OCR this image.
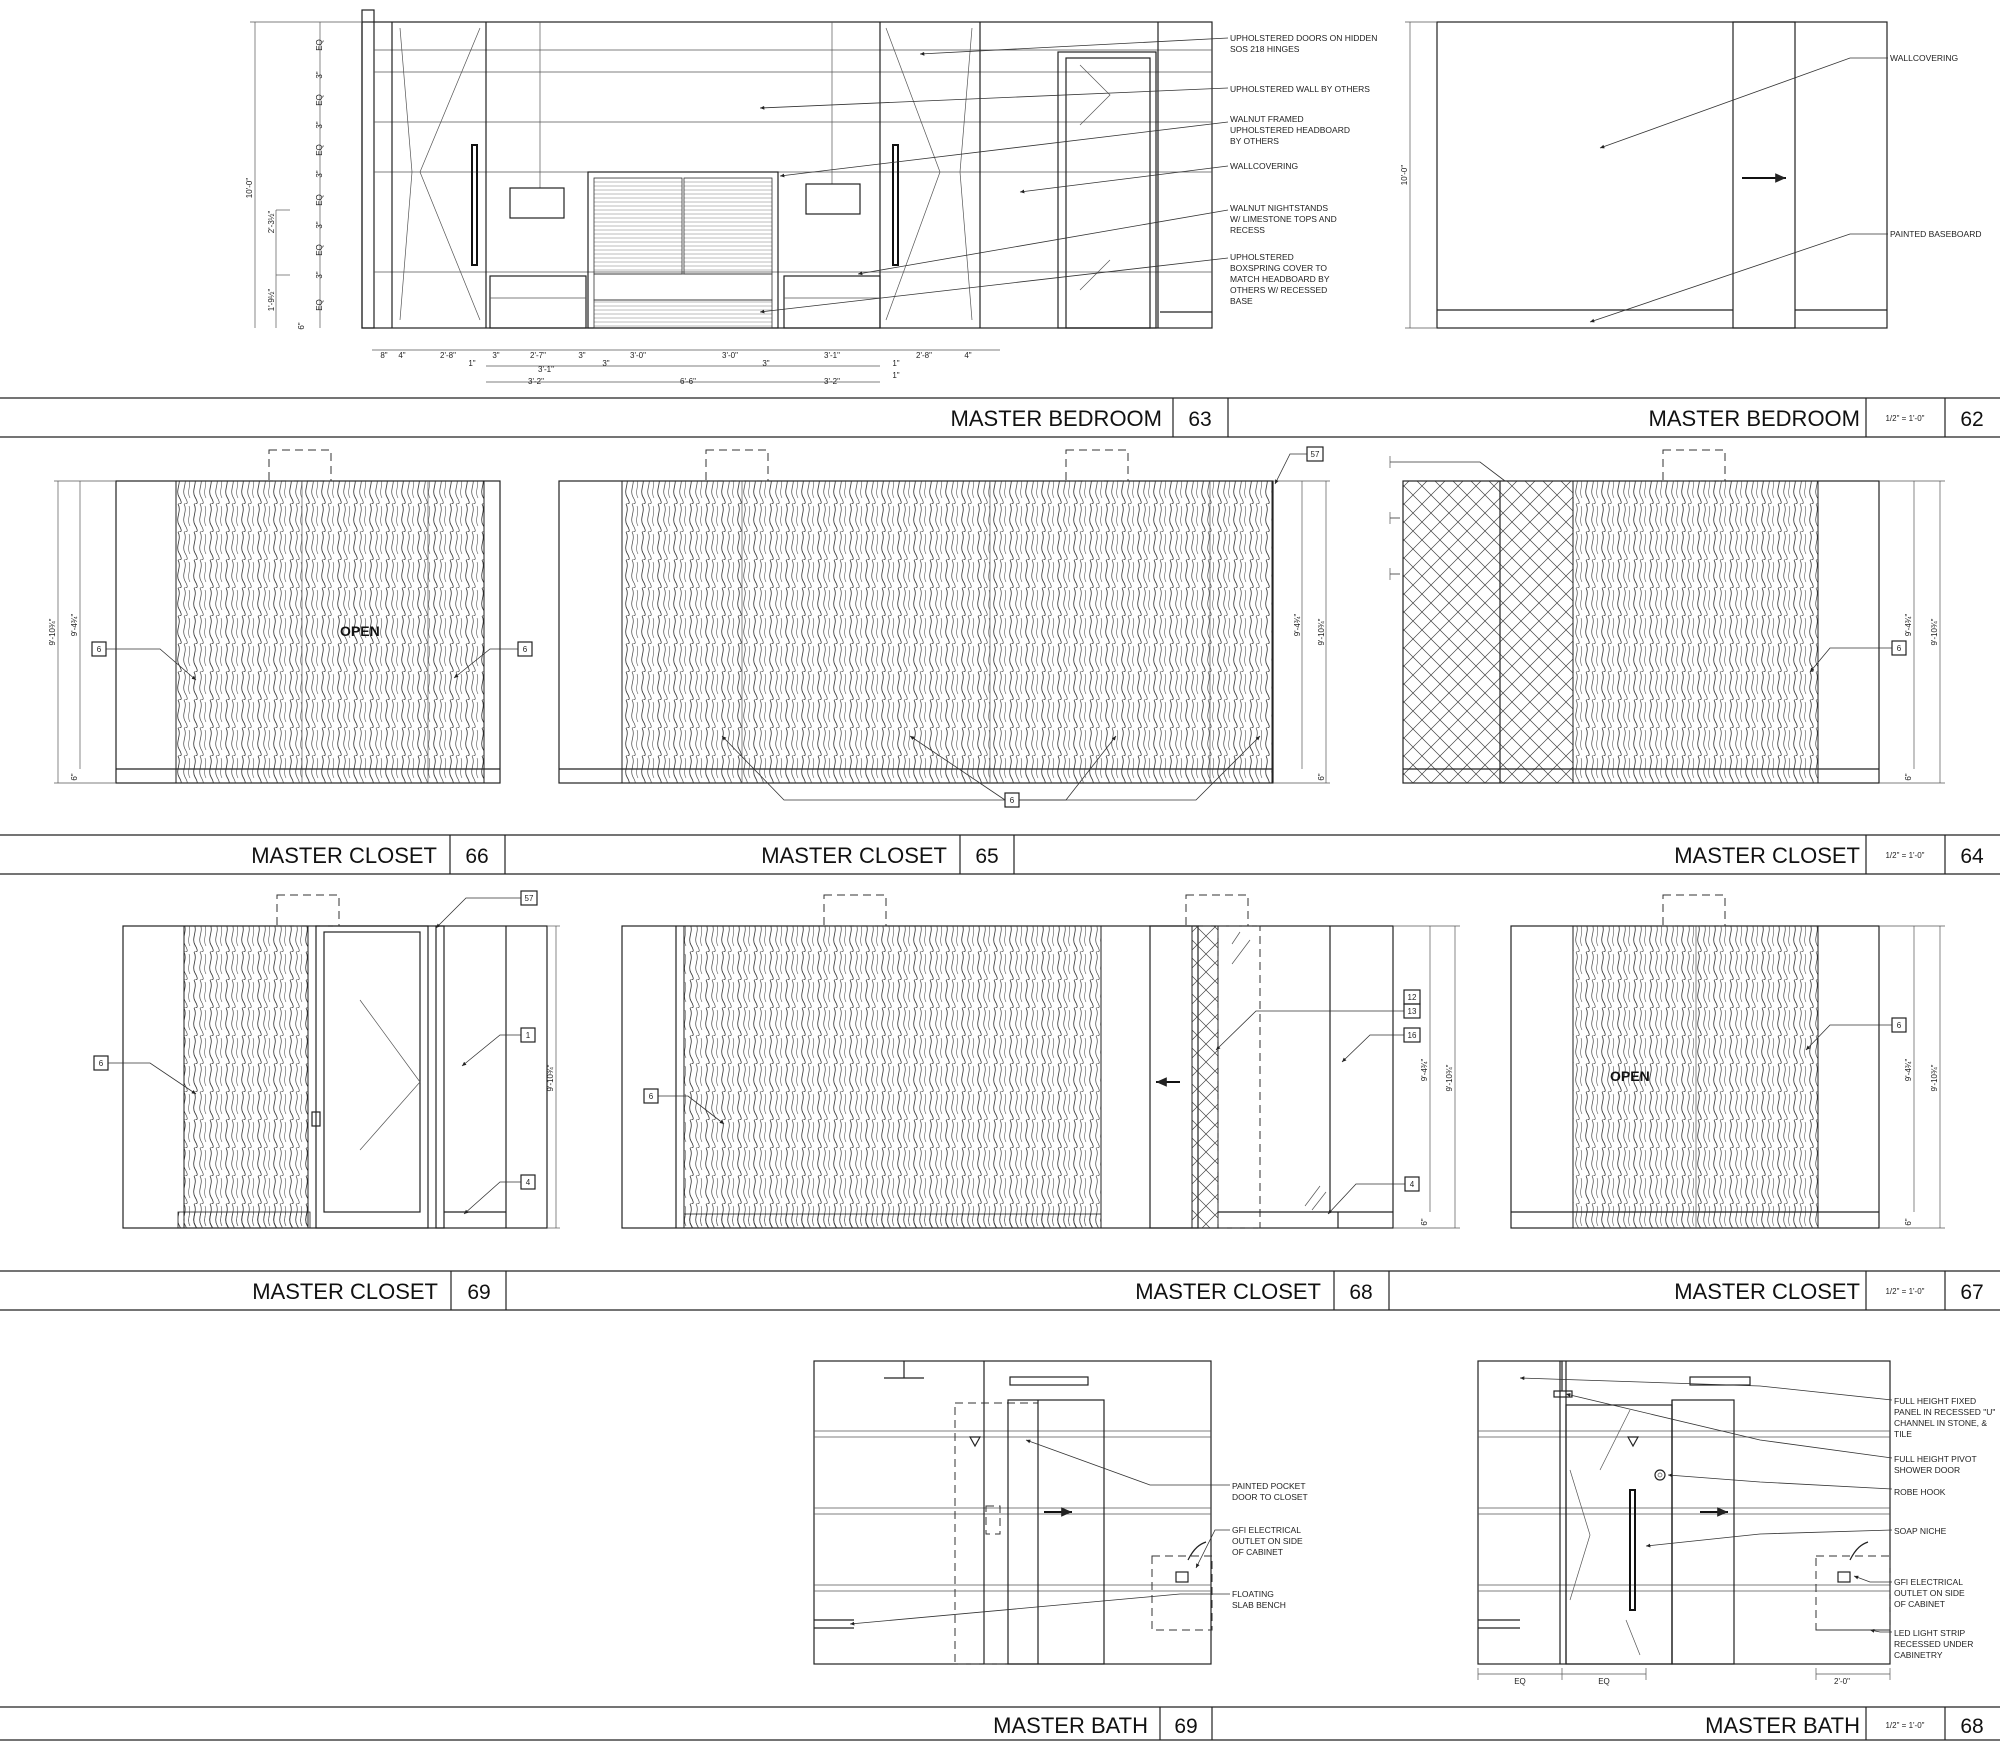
10'-0"
EQ
3"
EQ
3"
EQ
3"
EQ
3"
EQ
3"
EQ
2'-3½"
1'-9½"
6"
8" 4"	2'-8"
1"
3"	2'-7"	3"	3'-0"	3'-0"	3'-1"	2'-8"	4"
1"
3'-1"
3"	3"
1"
3'-2"	6'-6"	3'-2"
UPHOLSTERED DOORS ON HIDDEN
SOS 218 HINGES
UPHOLSTERED WALL BY OTHERS
WALNUT FRAMED
UPHOLSTERED HEADBOARD
BY OTHERS
WALLCOVERING
WALNUT NIGHTSTANDS
W/ LIMESTONE TOPS AND
RECESS
UPHOLSTERED
BOXSPRING COVER TO
MATCH HEADBOARD BY
OTHERS W/ RECESSED
BASE
10'-0"
WALLCOVERING
PAINTED BASEBOARD
MASTER BEDROOM 63	MASTER BEDROOM	1/2" = 1'-0" 62
OPEN
9'-10¾" 9'-4¾"
6"
6	6
9'-4¾" 9'-10¾"
6"
57
6
9'-4¾" 9'-10¾"
6"
6
MASTER CLOSET 66	MASTER CLOSET 65	MASTER CLOSET	1/2" = 1'-0" 64
9'-10¾"
57
6
1
4
9'-4¾" 9'-10¾"
6"
6
12
13
16
4
OPEN	9'-4¾" 9'-10¾"
6"
6
MASTER CLOSET 69	MASTER CLOSET 68	MASTER CLOSET	1/2" = 1'-0" 67
PAINTED POCKET
DOOR TO CLOSET
GFI ELECTRICAL
OUTLET ON SIDE
OF CABINET
FLOATING
SLAB BENCH
EQ	EQ	2'-0"
FULL HEIGHT FIXED
PANEL IN RECESSED "U"
CHANNEL IN STONE, &
TILE
FULL HEIGHT PIVOT
SHOWER DOOR
ROBE HOOK
SOAP NICHE
GFI ELECTRICAL
OUTLET ON SIDE
OF CABINET
LED LIGHT STRIP
RECESSED UNDER
CABINETRY
MASTER BATH 69	MASTER BATH	1/2" = 1'-0" 68
